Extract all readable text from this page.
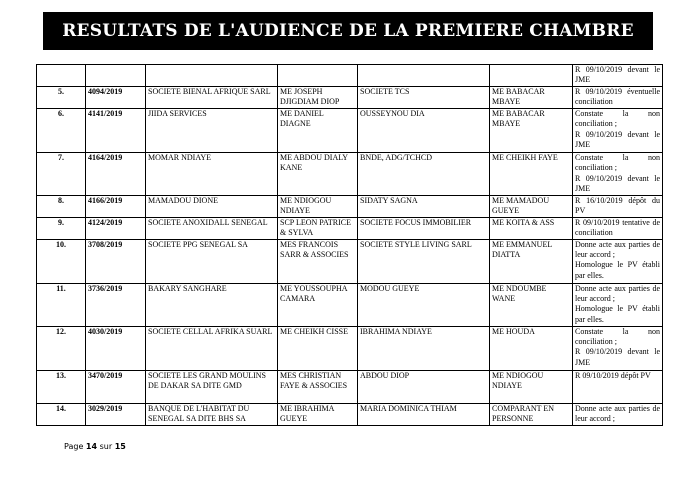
RESULTATS DE L'AUDIENCE DE LA PREMIERE CHAMBRE

						R 09/10/2019 devant le JME

5.	4094/2019	SOCIETE BIENAL AFRIQUE SARL	ME JOSEPH DJIGDIAM DIOP	SOCIETE TCS	ME BABACAR MBAYE	R 09/10/2019 éventuelle conciliation

6.	4141/2019	JIIDA SERVICES	ME DANIEL DIAGNE	OUSSEYNOU DIA	ME BABACAR MBAYE	Constate la non conciliation ;
R 09/10/2019 devant le JME

7.	4164/2019	MOMAR NDIAYE	ME ABDOU DIALY KANE	BNDE, ADG/TCHCD	ME CHEIKH FAYE	Constate la non conciliation ;
R 09/10/2019 devant le JME

8.	4166/2019	MAMADOU DIONE	ME NDIOGOU NDIAYE	SIDATY SAGNA	ME MAMADOU GUEYE	R 16/10/2019 dépôt du PV

9.	4124/2019	SOCIETE ANOXIDALL SENEGAL	SCP LEON PATRICE & SYLVA	SOCIETE FOCUS IMMOBILIER	ME KOITA & ASS	R 09/10/2019 tentative de conciliation

10.	3708/2019	SOCIETE PPG SENEGAL SA	MES FRANCOIS SARR & ASSOCIES	SOCIETE STYLE LIVING SARL	ME EMMANUEL DIATTA	Donne acte aux parties de leur accord ;
Homologue le PV établi par elles.

11.	3736/2019	BAKARY SANGHARE	ME YOUSSOUPHA CAMARA	MODOU GUEYE	ME NDOUMBE WANE	Donne acte aux parties de leur accord ;
Homologue le PV établi par elles.

12.	4030/2019	SOCIETE CELLAL AFRIKA SUARL	ME CHEIKH CISSE	IBRAHIMA NDIAYE	ME HOUDA	Constate la non conciliation ;
R 09/10/2019 devant le JME

13.	3470/2019	SOCIETE LES GRAND MOULINS DE DAKAR SA DITE GMD	MES CHRISTIAN FAYE & ASSOCIES	ABDOU DIOP	ME NDIOGOU NDIAYE	R 09/10/2019 dépôt PV

14.	3029/2019	BANQUE DE L'HABITAT DU SENEGAL SA DITE BHS SA	ME IBRAHIMA GUEYE	MARIA DOMINICA THIAM	COMPARANT EN PERSONNE	Donne acte aux parties de leur accord ;
Page 14 sur 15
